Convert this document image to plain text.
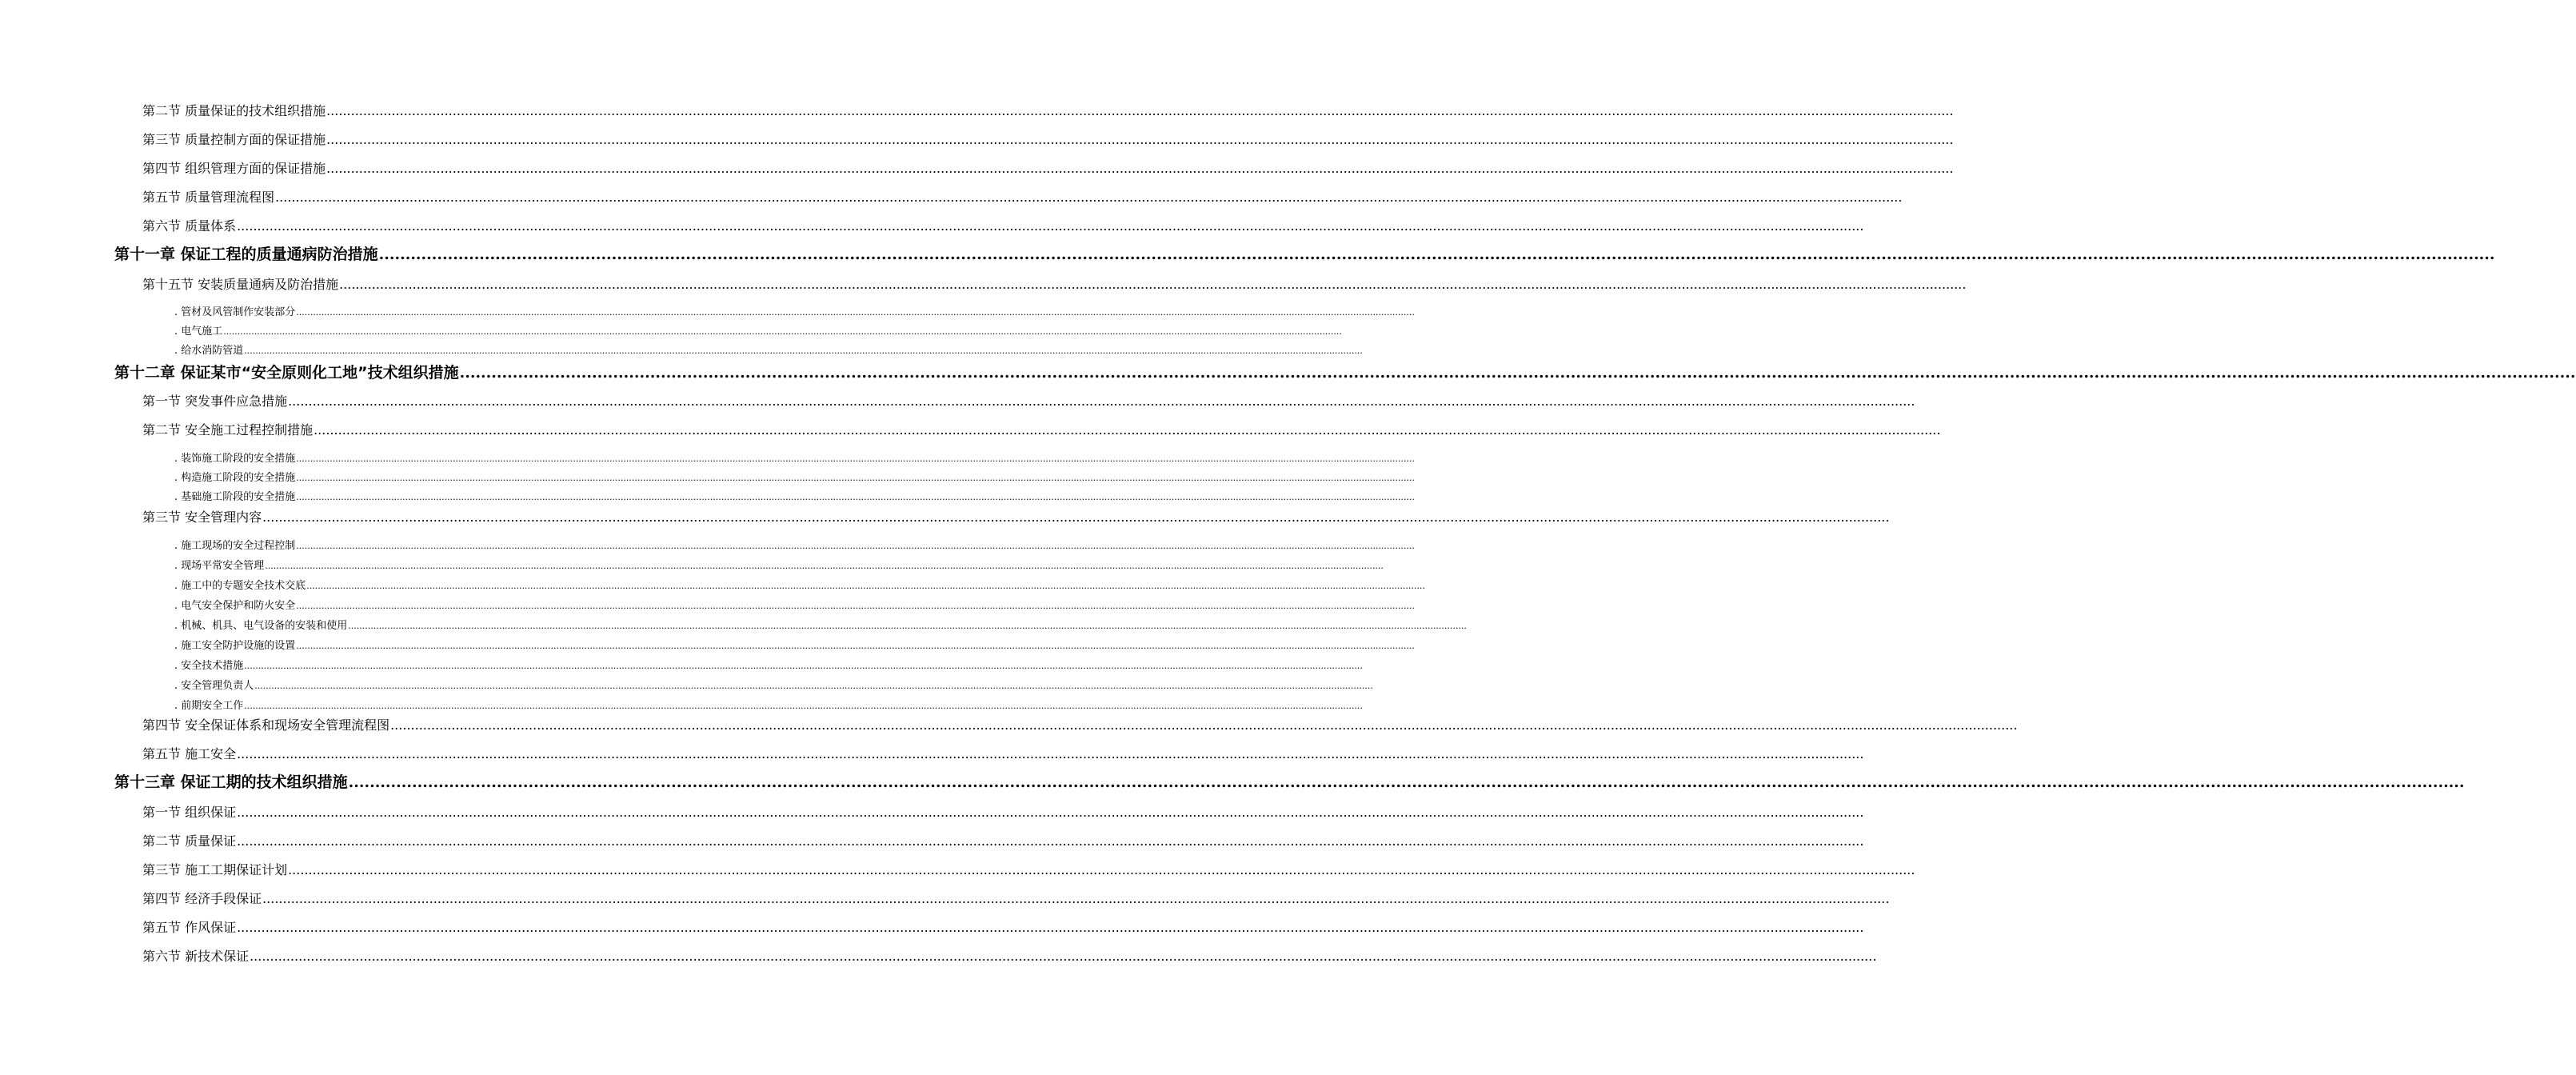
第二节 质量保证的技术组织措施 ................................................................................................................................................................................................................................................................................................................................................................................................................
第三节 质量控制方面的保证措施 ................................................................................................................................................................................................................................................................................................................................................................................................................
第四节 组织管理方面的保证措施 ................................................................................................................................................................................................................................................................................................................................................................................................................
第五节 质量管理流程图 ................................................................................................................................................................................................................................................................................................................................................................................................................
第六节 质量体系 ................................................................................................................................................................................................................................................................................................................................................................................................................
第十一章 保证工程的质量通病防治措施 ................................................................................................................................................................................................................................................................................................................................................................................................................
第十五节 安装质量通病及防治措施 ................................................................................................................................................................................................................................................................................................................................................................................................................
. 管材及风管制作安装部分 ................................................................................................................................................................................................................................................................................................................................................................................................................
. 电气施工 ................................................................................................................................................................................................................................................................................................................................................................................................................
. 给水消防管道 ................................................................................................................................................................................................................................................................................................................................................................................................................
第十二章 保证某市“安全原则化工地”技术组织措施 ................................................................................................................................................................................................................................................................................................................................................................................................................
第一节 突发事件应急措施 ................................................................................................................................................................................................................................................................................................................................................................................................................
第二节 安全施工过程控制措施 ................................................................................................................................................................................................................................................................................................................................................................................................................
. 装饰施工阶段的安全措施 ................................................................................................................................................................................................................................................................................................................................................................................................................
. 构造施工阶段的安全措施 ................................................................................................................................................................................................................................................................................................................................................................................................................
. 基础施工阶段的安全措施 ................................................................................................................................................................................................................................................................................................................................................................................................................
第三节 安全管理内容 ................................................................................................................................................................................................................................................................................................................................................................................................................
. 施工现场的安全过程控制 ................................................................................................................................................................................................................................................................................................................................................................................................................
. 现场平常安全管理 ................................................................................................................................................................................................................................................................................................................................................................................................................
. 施工中的专题安全技术交底 ................................................................................................................................................................................................................................................................................................................................................................................................................
. 电气安全保护和防火安全 ................................................................................................................................................................................................................................................................................................................................................................................................................
. 机械、机具、电气设备的安装和使用 ................................................................................................................................................................................................................................................................................................................................................................................................................
. 施工安全防护设施的设置 ................................................................................................................................................................................................................................................................................................................................................................................................................
. 安全技术措施 ................................................................................................................................................................................................................................................................................................................................................................................................................
. 安全管理负责人 ................................................................................................................................................................................................................................................................................................................................................................................................................
. 前期安全工作 ................................................................................................................................................................................................................................................................................................................................................................................................................
第四节 安全保证体系和现场安全管理流程图 ................................................................................................................................................................................................................................................................................................................................................................................................................
第五节 施工安全 ................................................................................................................................................................................................................................................................................................................................................................................................................
第十三章 保证工期的技术组织措施 ................................................................................................................................................................................................................................................................................................................................................................................................................
第一节 组织保证 ................................................................................................................................................................................................................................................................................................................................................................................................................
第二节 质量保证 ................................................................................................................................................................................................................................................................................................................................................................................................................
第三节 施工工期保证计划 ................................................................................................................................................................................................................................................................................................................................................................................................................
第四节 经济手段保证 ................................................................................................................................................................................................................................................................................................................................................................................................................
第五节 作风保证 ................................................................................................................................................................................................................................................................................................................................................................................................................
第六节 新技术保证 ................................................................................................................................................................................................................................................................................................................................................................................................................
